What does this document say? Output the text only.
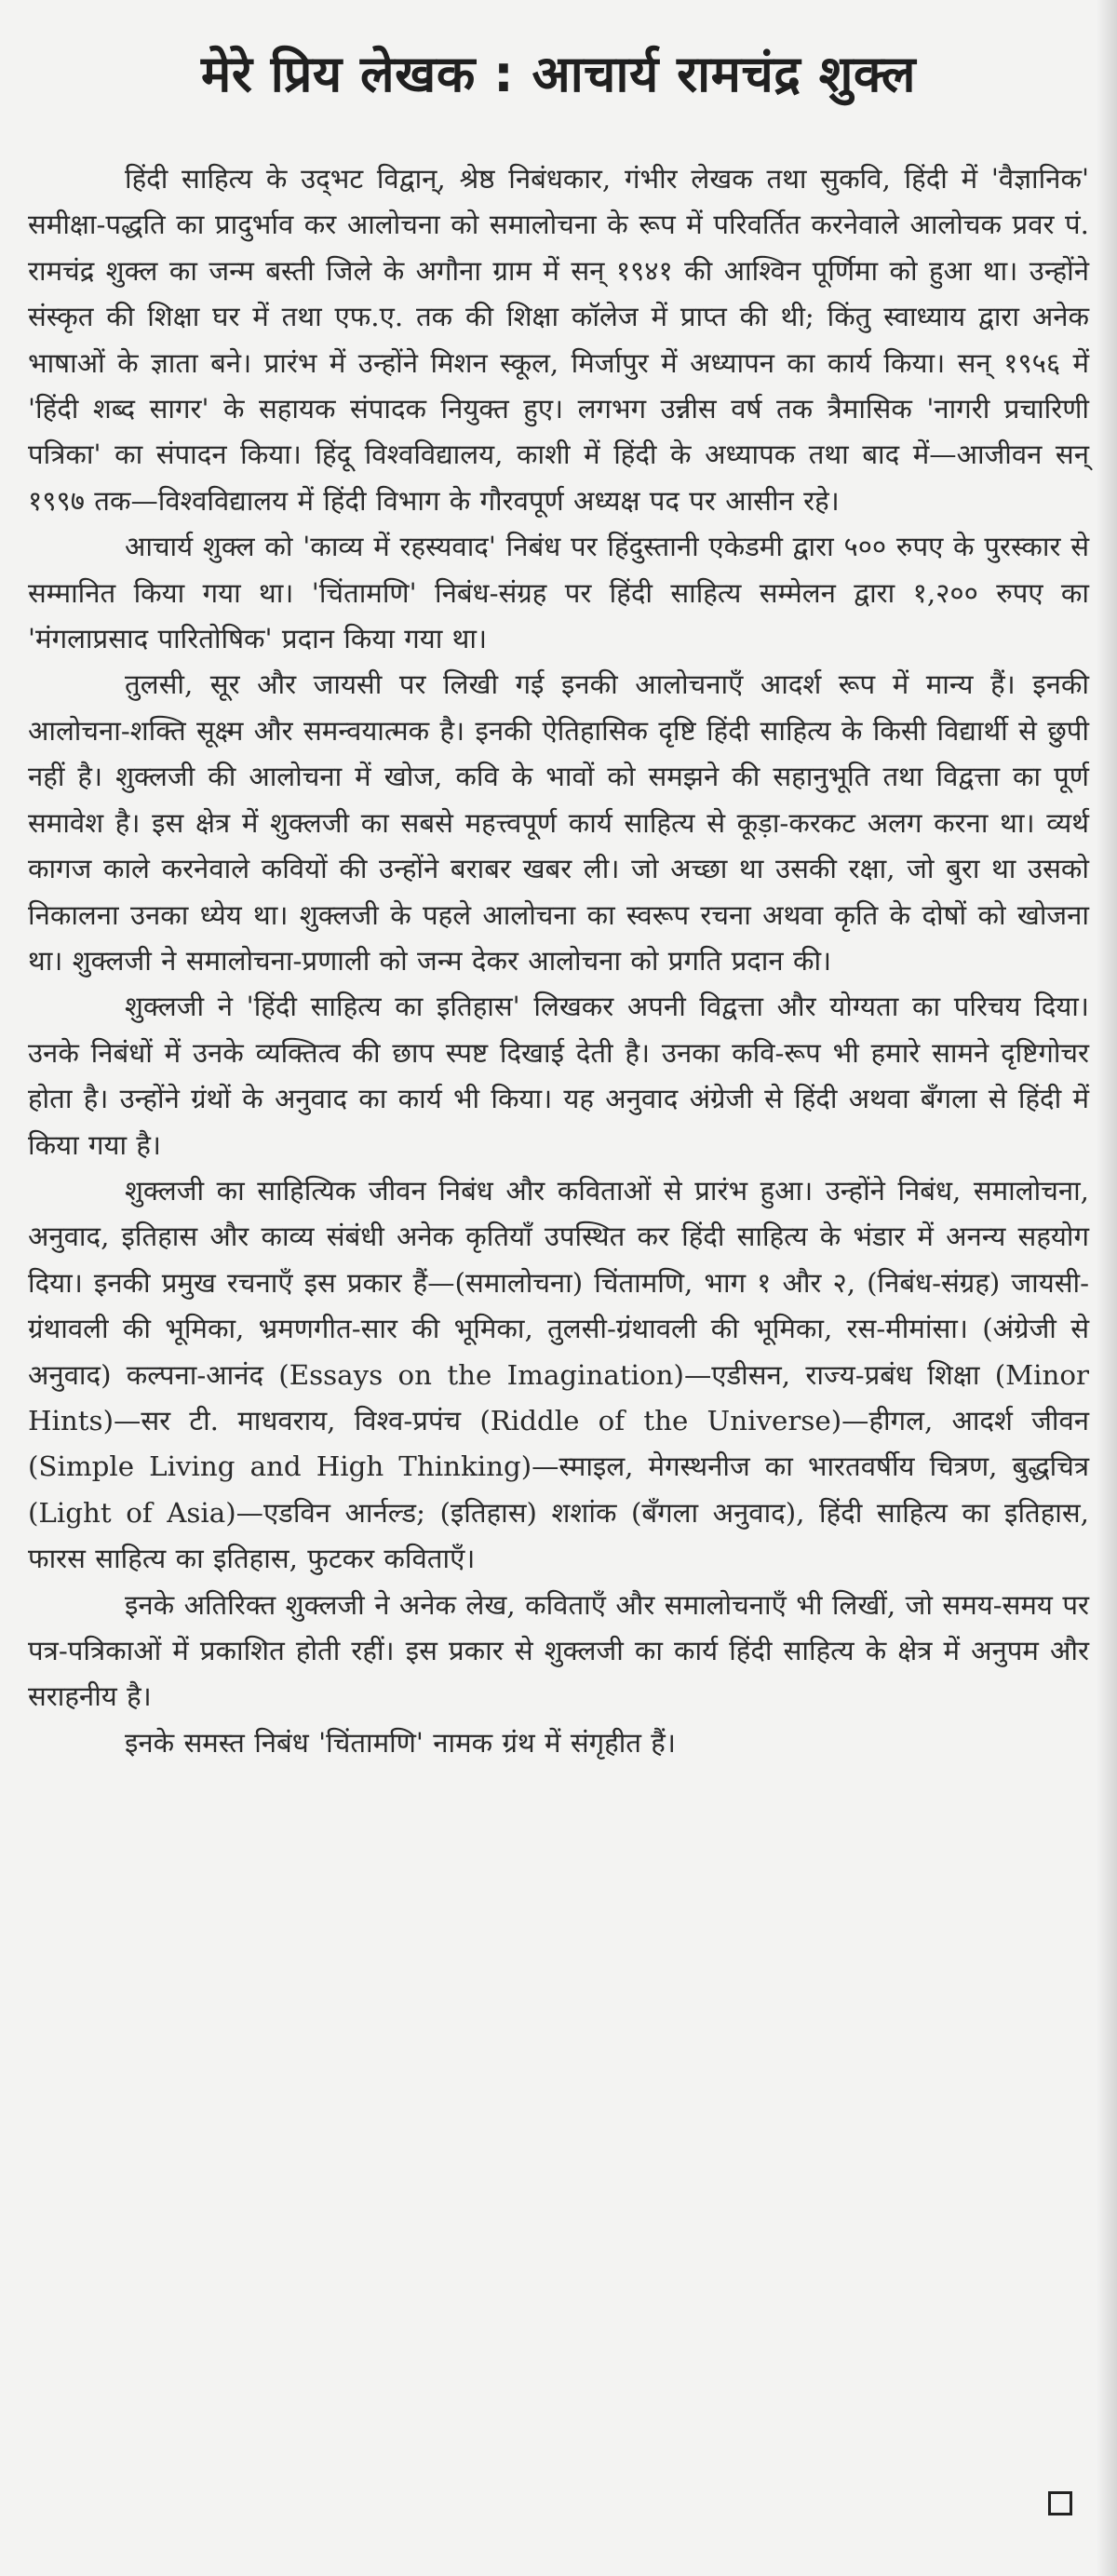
मेरे प्रिय लेखक : आचार्य रामचंद्र शुक्ल

हिंदी साहित्य के उद्‌भट विद्वान्, श्रेष्ठ निबंधकार, गंभीर लेखक तथा सुकवि, हिंदी में 'वैज्ञानिक' समीक्षा-पद्धति का प्रादुर्भाव कर आलोचना को समालोचना के रूप में परिवर्तित करनेवाले आलोचक प्रवर पं. रामचंद्र शुक्ल का जन्म बस्ती जिले के अगौना ग्राम में सन् १९४१ की आश्विन पूर्णिमा को हुआ था। उन्होंने संस्कृत की शिक्षा घर में तथा एफ.ए. तक की शिक्षा कॉलेज में प्राप्त की थी; किंतु स्वाध्याय द्वारा अनेक भाषाओं के ज्ञाता बने। प्रारंभ में उन्होंने मिशन स्कूल, मिर्जापुर में अध्यापन का कार्य किया। सन् १९५६ में 'हिंदी शब्द सागर' के सहायक संपादक नियुक्त हुए। लगभग उन्नीस वर्ष तक त्रैमासिक 'नागरी प्रचारिणी पत्रिका' का संपादन किया। हिंदू विश्वविद्यालय, काशी में हिंदी के अध्यापक तथा बाद में—आजीवन सन् १९९७ तक—विश्वविद्यालय में हिंदी विभाग के गौरवपूर्ण अध्यक्ष पद पर आसीन रहे।

आचार्य शुक्ल को 'काव्य में रहस्यवाद' निबंध पर हिंदुस्तानी एकेडमी द्वारा ५०० रुपए के पुरस्कार से सम्मानित किया गया था। 'चिंतामणि' निबंध-संग्रह पर हिंदी साहित्य सम्मेलन द्वारा १,२०० रुपए का 'मंगलाप्रसाद पारितोषिक' प्रदान किया गया था।

तुलसी, सूर और जायसी पर लिखी गई इनकी आलोचनाएँ आदर्श रूप में मान्य हैं। इनकी आलोचना-शक्ति सूक्ष्म और समन्वयात्मक है। इनकी ऐतिहासिक दृष्टि हिंदी साहित्य के किसी विद्यार्थी से छुपी नहीं है। शुक्लजी की आलोचना में खोज, कवि के भावों को समझने की सहानुभूति तथा विद्वत्ता का पूर्ण समावेश है। इस क्षेत्र में शुक्लजी का सबसे महत्त्वपूर्ण कार्य साहित्य से कूड़ा-करकट अलग करना था। व्यर्थ कागज काले करनेवाले कवियों की उन्होंने बराबर खबर ली। जो अच्छा था उसकी रक्षा, जो बुरा था उसको निकालना उनका ध्येय था। शुक्लजी के पहले आलोचना का स्वरूप रचना अथवा कृति के दोषों को खोजना था। शुक्लजी ने समालोचना-प्रणाली को जन्म देकर आलोचना को प्रगति प्रदान की।

शुक्लजी ने 'हिंदी साहित्य का इतिहास' लिखकर अपनी विद्वत्ता और योग्यता का परिचय दिया। उनके निबंधों में उनके व्यक्तित्व की छाप स्पष्ट दिखाई देती है। उनका कवि-रूप भी हमारे सामने दृष्टिगोचर होता है। उन्होंने ग्रंथों के अनुवाद का कार्य भी किया। यह अनुवाद अंग्रेजी से हिंदी अथवा बँगला से हिंदी में किया गया है।

शुक्लजी का साहित्यिक जीवन निबंध और कविताओं से प्रारंभ हुआ। उन्होंने निबंध, समालोचना, अनुवाद, इतिहास और काव्य संबंधी अनेक कृतियाँ उपस्थित कर हिंदी साहित्य के भंडार में अनन्य सहयोग दिया। इनकी प्रमुख रचनाएँ इस प्रकार हैं—(समालोचना) चिंतामणि, भाग १ और २, (निबंध-संग्रह) जायसी-ग्रंथावली की भूमिका, भ्रमणगीत-सार की भूमिका, तुलसी-ग्रंथावली की भूमिका, रस-मीमांसा। (अंग्रेजी से अनुवाद) कल्पना-आनंद (Essays on the Imagination)—एडीसन, राज्य-प्रबंध शिक्षा (Minor Hints)—सर टी. माधवराय, विश्व-प्रपंच (Riddle of the Universe)—हीगल, आदर्श जीवन (Simple Living and High Thinking)—स्माइल, मेगस्थनीज का भारतवर्षीय चित्रण, बुद्धचित्र (Light of Asia)—एडविन आर्नल्ड; (इतिहास) शशांक (बँगला अनुवाद), हिंदी साहित्य का इतिहास, फारस साहित्य का इतिहास, फुटकर कविताएँ।

इनके अतिरिक्त शुक्लजी ने अनेक लेख, कविताएँ और समालोचनाएँ भी लिखीं, जो समय-समय पर पत्र-पत्रिकाओं में प्रकाशित होती रहीं। इस प्रकार से शुक्लजी का कार्य हिंदी साहित्य के क्षेत्र में अनुपम और सराहनीय है।

इनके समस्त निबंध 'चिंतामणि' नामक ग्रंथ में संगृहीत हैं।
